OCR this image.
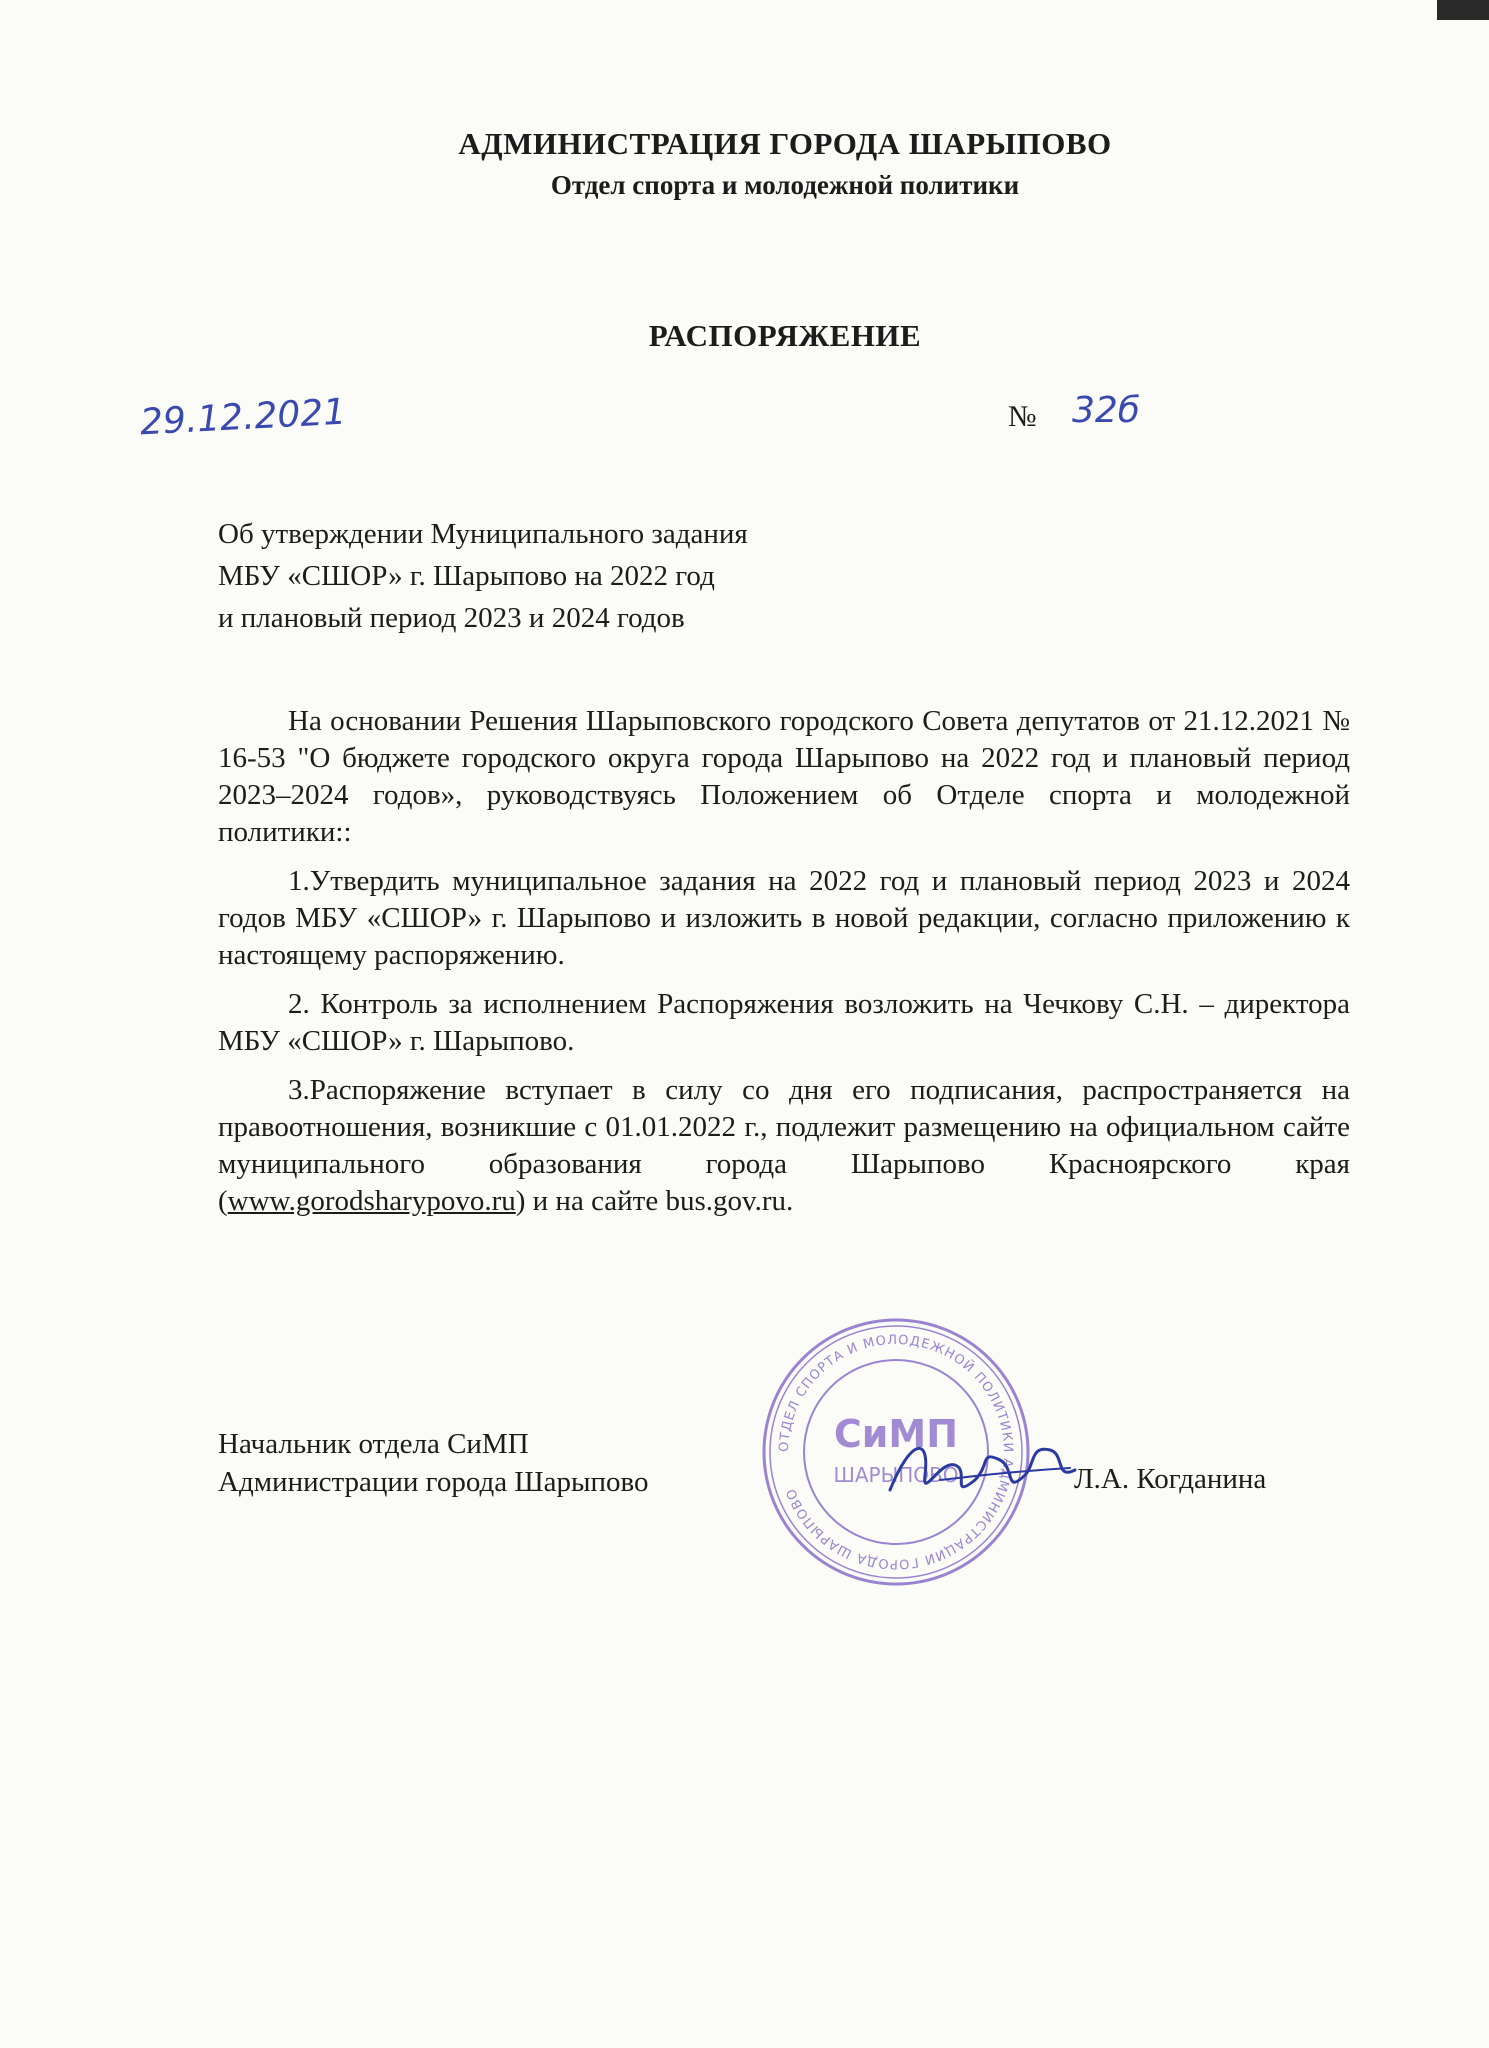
АДМИНИСТРАЦИЯ ГОРОДА ШАРЫПОВО
Отдел спорта и молодежной политики
РАСПОРЯЖЕНИЕ
29.12.2021	№ 32б
Об утверждении Муниципального задания
МБУ «СШОР» г. Шарыпово на 2022 год
и плановый период 2023 и 2024 годов

На основании Решения Шарыповского городского Совета депутатов от 21.12.2021 № 16-53 "О бюджете городского округа города Шарыпово на 2022 год и плановый период 2023–2024 годов», руководствуясь Положением об Отделе спорта и молодежной политики::

1.Утвердить муниципальное задания на 2022 год и плановый период 2023 и 2024 годов МБУ «СШОР» г. Шарыпово и изложить в новой редакции, согласно приложению к настоящему распоряжению.

2. Контроль за исполнением Распоряжения возложить на Чечкову С.Н. – директора МБУ «СШОР» г. Шарыпово.

3.Распоряжение вступает в силу со дня его подписания, распространяется на правоотношения, возникшие с 01.01.2022 г., подлежит размещению на официальном сайте муниципального образования города Шарыпово Красноярского края (www.gorodsharypovo.ru) и на сайте bus.gov.ru.

Начальник отдела СиМП
Администрации города Шарыпово	Л.А. Когданина
ОТДЕЛ СПОРТА И МОЛОДЕЖНОЙ ПОЛИТИКИ АДМИНИСТРАЦИИ ГОРОДА ШАРЫПОВО
СиМП
ШАРЫПОВО
